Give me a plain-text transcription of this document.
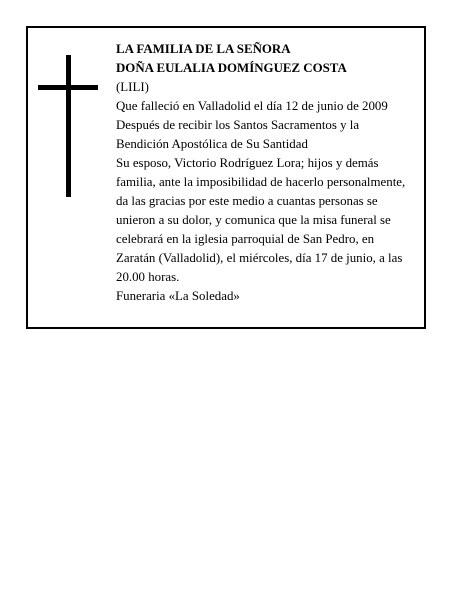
LA FAMILIA DE LA SEÑORA
DOÑA EULALIA DOMÍNGUEZ COSTA
(LILI)
Que falleció en Valladolid el día 12 de junio de 2009
Después de recibir los Santos Sacramentos y la
Bendición Apostólica de Su Santidad
Su esposo, Victorio Rodríguez Lora; hijos y demás
familia, ante la imposibilidad de hacerlo personalmente,
da las gracias por este medio a cuantas personas se
unieron a su dolor, y comunica que la misa funeral se
celebrará en la iglesia parroquial de San Pedro, en
Zaratán (Valladolid), el miércoles, día 17 de junio, a las
20.00 horas.
Funeraria «La Soledad»
